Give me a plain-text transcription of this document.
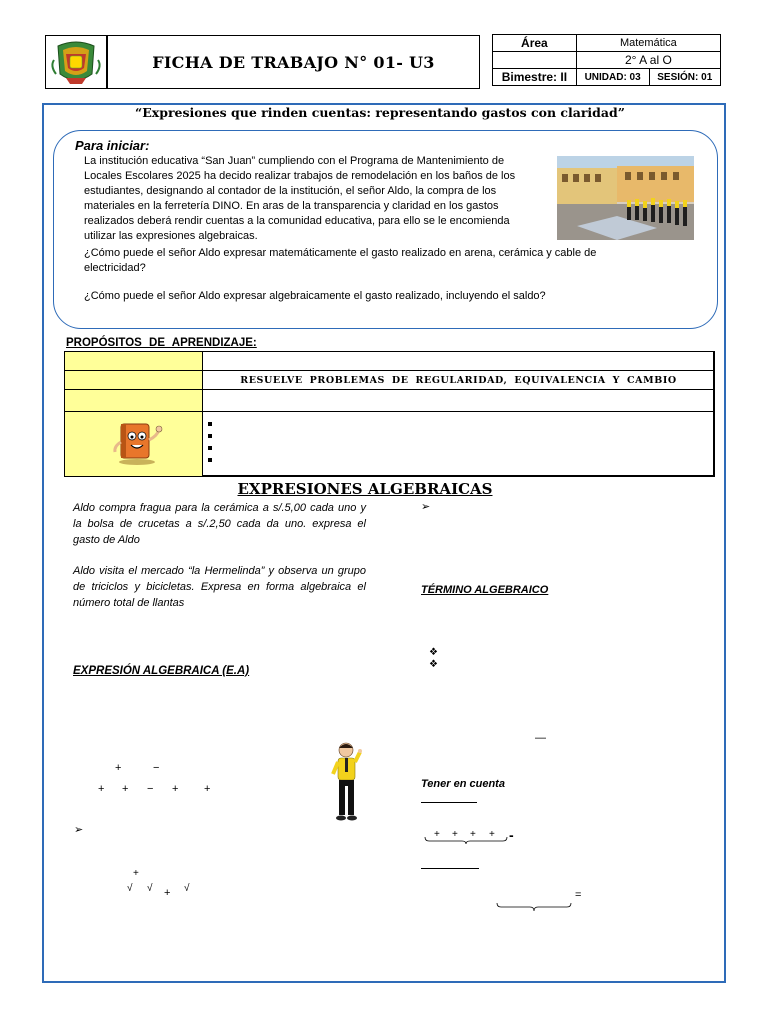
FICHA DE TRABAJO N° 01- U3
Área	Matemática	
	2° A al O	
Bimestre: II	UNIDAD: 03	SESIÓN: 01
“Expresiones que rinden cuentas: representando gastos con claridad”
Para iniciar:
La institución educativa “San Juan” cumpliendo con el Programa de Mantenimiento de Locales Escolares 2025 ha decido realizar trabajos de remodelación en los baños de los estudiantes, designando al contador de la institución, el señor Aldo, la compra de los materiales en la ferretería DINO. En aras de la transparencia y claridad en los gastos realizados deberá rendir cuentas a la comunidad educativa, para ello se le encomienda utilizar las expresiones algebraicas.
¿Cómo puede el señor Aldo expresar matemáticamente el gasto realizado en arena, cerámica y cable de electricidad?
¿Cómo puede el señor Aldo expresar algebraicamente el gasto realizado, incluyendo el saldo?
PROPÓSITOS DE APRENDIZAJE:
RESUELVE PROBLEMAS DE REGULARIDAD, EQUIVALENCIA Y CAMBIO
EXPRESIONES ALGEBRAICAS
Aldo compra fragua para la cerámica a s/.5,00 cada uno y la bolsa de crucetas a s/.2,50 cada da uno. expresa el gasto de Aldo
Aldo visita el mercado “la Hermelinda” y observa un grupo de triciclos y bicicletas. Expresa en forma algebraica el número total de llantas
EXPRESIÓN ALGEBRAICA (E.A)
+	−
+ + − + +
➢
+
√ √ + √
➢
TÉRMINO ALGEBRAICO
❖
❖
—
Tener en cuenta
+ + + + -
=
